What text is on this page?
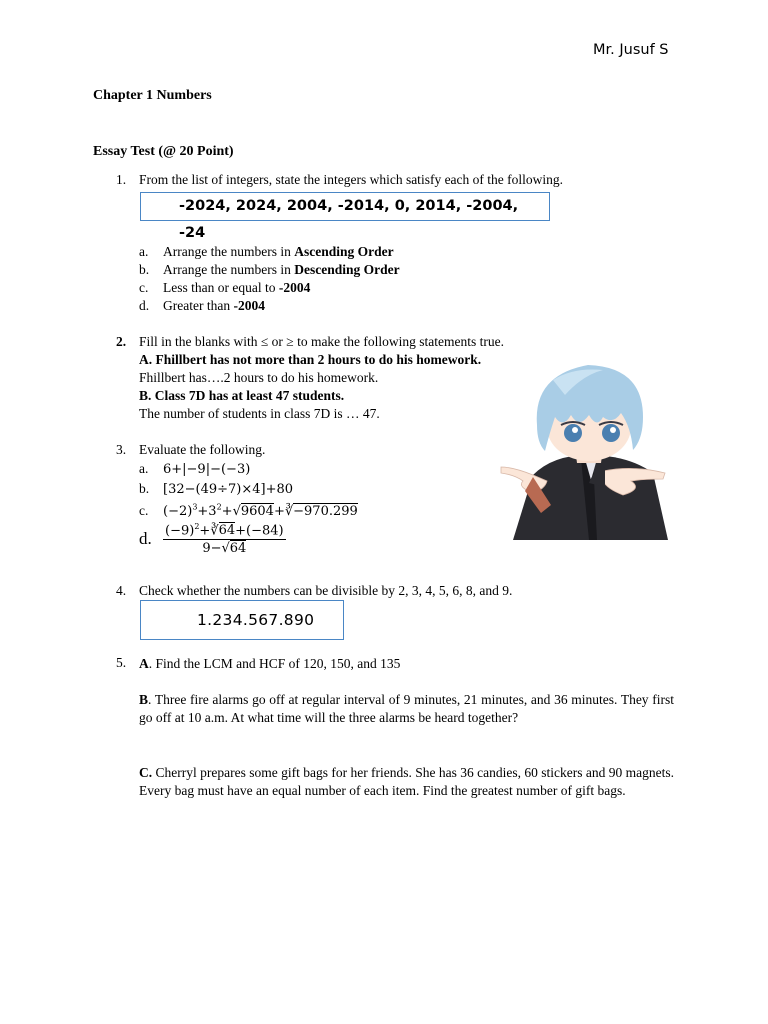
Mr. Jusuf S
Chapter 1 Numbers
Essay Test (@ 20 Point)
1. From the list of integers, state the integers which satisfy each of the following.
-2024, 2024, 2004, -2014, 0, 2014, -2004, -24
a. Arrange the numbers in Ascending Order
b. Arrange the numbers in Descending Order
c. Less than or equal to -2004
d. Greater than -2004
2. Fill in the blanks with ≤ or ≥ to make the following statements true.
A. Fhillbert has not more than 2 hours to do his homework.
Fhillbert has….2 hours to do his homework.
B. Class 7D has at least 47 students.
The number of students in class 7D is … 47.
3. Evaluate the following.
a. 6+|−9|−(−3)
b. [32−(49÷7)×4]+80
c. $(-2)^3+3^2+√9604+∛-970.299$
d. $\frac{(-9)^2+∛64+(-84)}{9-√64}$
4. Check whether the numbers can be divisible by 2, 3, 4, 5, 6, 8, and 9.
1.234.567.890
5. A. Find the LCM and HCF of 120, 150, and 135
B. Three fire alarms go off at regular interval of 9 minutes, 21 minutes, and 36 minutes. They first go off at 10 a.m. At what time will the three alarms be heard together?
C. Cherryl prepares some gift bags for her friends. She has 36 candies, 60 stickers and 90 magnets. Every bag must have an equal number of each item. Find the greatest number of gift bags.
